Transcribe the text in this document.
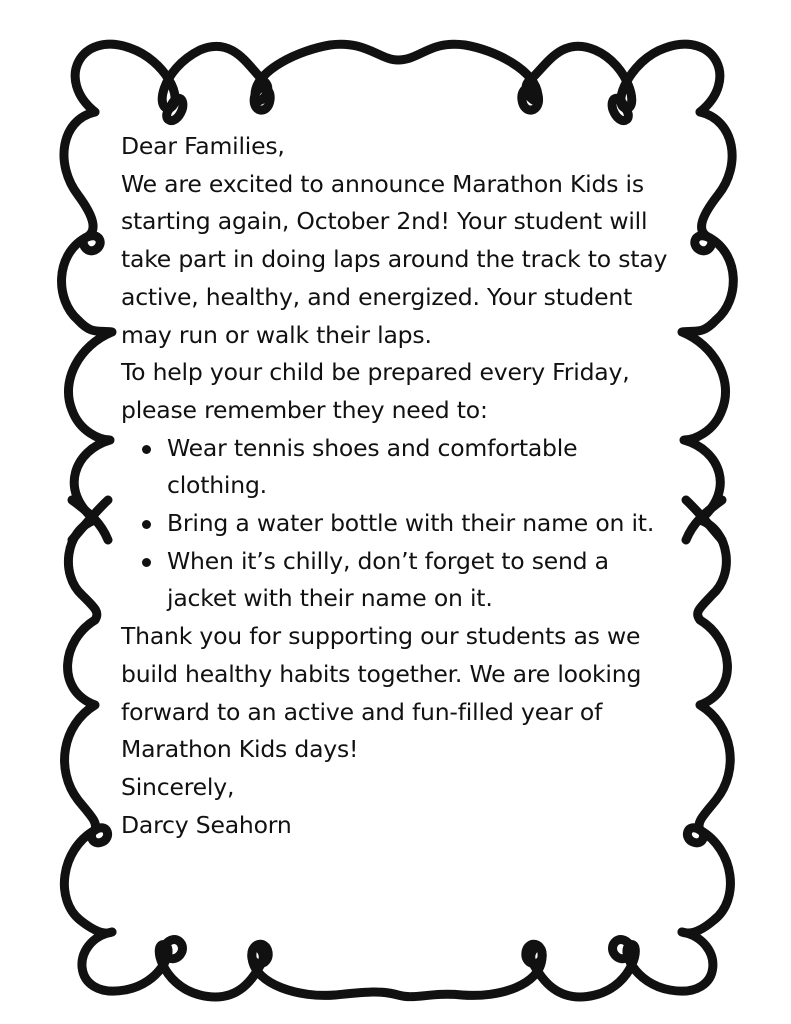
Dear Families,

We are excited to announce Marathon Kids is starting again, October 2nd! Your student will take part in doing laps around the track to stay active, healthy, and energized. Your student may run or walk their laps.

To help your child be prepared every Friday, please remember they need to:

Wear tennis shoes and comfortable clothing.
Bring a water bottle with their name on it.
When it’s chilly, don’t forget to send a jacket with their name on it.

Thank you for supporting our students as we build healthy habits together. We are looking forward to an active and fun-filled year of Marathon Kids days!

Sincerely,

Darcy Seahorn
